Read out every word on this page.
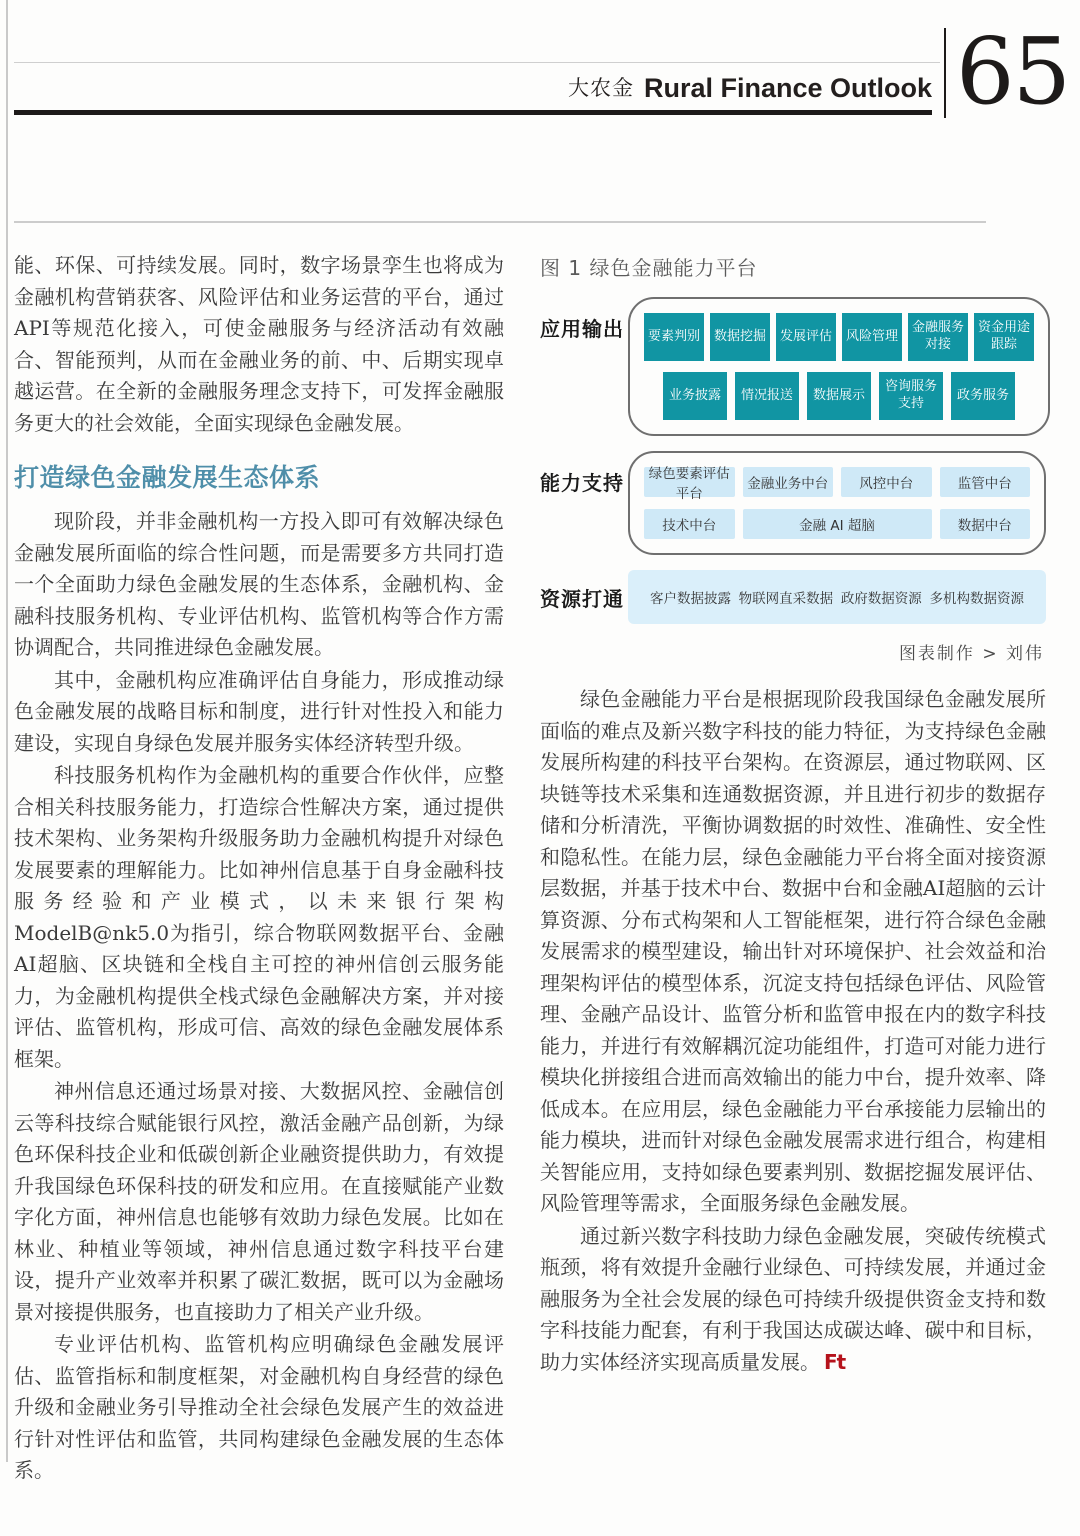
大农金 Rural Finance Outlook 65

能、环保、可持续发展。同时，数字场景孪生也将成为金融机构营销获客、风险评估和业务运营的平台，通过API等规范化接入，可使金融服务与经济活动有效融合、智能预判，从而在金融业务的前、中、后期实现卓越运营。在全新的金融服务理念支持下，可发挥金融服务更大的社会效能，全面实现绿色金融发展。

打造绿色金融发展生态体系

现阶段，并非金融机构一方投入即可有效解决绿色金融发展所面临的综合性问题，而是需要多方共同打造一个全面助力绿色金融发展的生态体系，金融机构、金融科技服务机构、专业评估机构、监管机构等合作方需协调配合，共同推进绿色金融发展。

其中，金融机构应准确评估自身能力，形成推动绿色金融发展的战略目标和制度，进行针对性投入和能力建设，实现自身绿色发展并服务实体经济转型升级。

科技服务机构作为金融机构的重要合作伙伴，应整合相关科技服务能力，打造综合性解决方案，通过提供技术架构、业务架构升级服务助力金融机构提升对绿色发展要素的理解能力。比如神州信息基于自身金融科技服务经验和产业模式，以未来银行架构ModelB@nk5.0为指引，综合物联网数据平台、金融AI超脑、区块链和全栈自主可控的神州信创云服务能力，为金融机构提供全栈式绿色金融解决方案，并对接评估、监管机构，形成可信、高效的绿色金融发展体系框架。

神州信息还通过场景对接、大数据风控、金融信创云等科技综合赋能银行风控，激活金融产品创新，为绿色环保科技企业和低碳创新企业融资提供助力，有效提升我国绿色环保科技的研发和应用。在直接赋能产业数字化方面，神州信息也能够有效助力绿色发展。比如在林业、种植业等领域，神州信息通过数字科技平台建设，提升产业效率并积累了碳汇数据，既可以为金融场景对接提供服务，也直接助力了相关产业升级。

专业评估机构、监管机构应明确绿色金融发展评估、监管指标和制度框架，对金融机构自身经营的绿色升级和金融业务引导推动全社会绿色发展产生的效益进行针对性评估和监管，共同构建绿色金融发展的生态体系。

图 1 绿色金融能力平台
应用输出	要素判别	数据挖掘	发展评估	风险管理
金融服务对接
资金用途跟踪
业务披露	情况报送	数据展示
咨询服务支持
政务服务
能力支持	绿色要素评估平台
金融业务中台	风控中台	监管中台
技术中台	金融 AI 超脑	数据中台
资源打通 客户数据披露 物联网直采数据 政府数据资源 多机构数据资源
图表制作 > 刘伟

绿色金融能力平台是根据现阶段我国绿色金融发展所面临的难点及新兴数字科技的能力特征，为支持绿色金融发展所构建的科技平台架构。在资源层，通过物联网、区块链等技术采集和连通数据资源，并且进行初步的数据存储和分析清洗，平衡协调数据的时效性、准确性、安全性和隐私性。在能力层，绿色金融能力平台将全面对接资源层数据，并基于技术中台、数据中台和金融AI超脑的云计算资源、分布式构架和人工智能框架，进行符合绿色金融发展需求的模型建设，输出针对环境保护、社会效益和治理架构评估的模型体系，沉淀支持包括绿色评估、风险管理、金融产品设计、监管分析和监管申报在内的数字科技能力，并进行有效解耦沉淀功能组件，打造可对能力进行模块化拼接组合进而高效输出的能力中台，提升效率、降低成本。在应用层，绿色金融能力平台承接能力层输出的能力模块，进而针对绿色金融发展需求进行组合，构建相关智能应用，支持如绿色要素判别、数据挖掘发展评估、风险管理等需求，全面服务绿色金融发展。

通过新兴数字科技助力绿色金融发展，突破传统模式瓶颈，将有效提升金融行业绿色、可持续发展，并通过金融服务为全社会发展的绿色可持续升级提供资金支持和数字科技能力配套，有利于我国达成碳达峰、碳中和目标，助力实体经济实现高质量发展。 Ft
